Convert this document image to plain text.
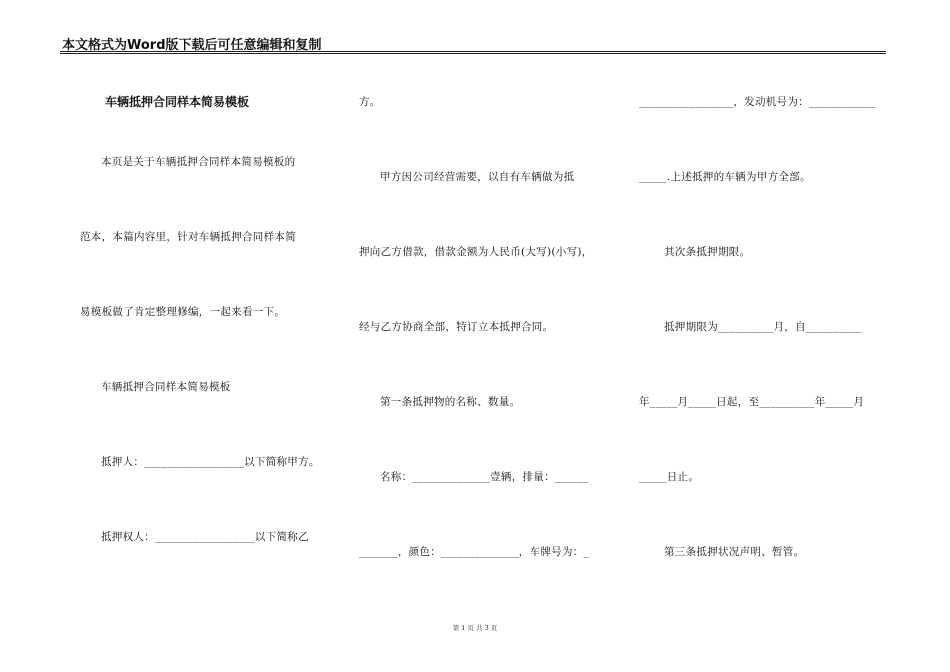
本文格式为Word版下载后可任意编辑和复制
车辆抵押合同样本简易模板
本页是关于车辆抵押合同样本简易模板的
范本，本篇内容里，针对车辆抵押合同样本简
易模板做了肯定整理修编，一起来看一下。
车辆抵押合同样本简易模板
抵押人：__________________以下简称甲方。
抵押权人：__________________以下简称乙
方。
甲方因公司经营需要，以自有车辆做为抵
押向乙方借款，借款金额为人民币(大写)(小写)，
经与乙方协商全部，特订立本抵押合同。
第一条抵押物的名称、数量。
名称：______________壹辆，排量：______
_______，颜色：______________，车牌号为：_
_________________，发动机号为：____________
_____.上述抵押的车辆为甲方全部。
其次条抵押期限。
抵押期限为__________月，自__________
年_____月_____日起，至__________年_____月
_____日止。
第三条抵押状况声明、暂管。
第 1 页 共 3 页
